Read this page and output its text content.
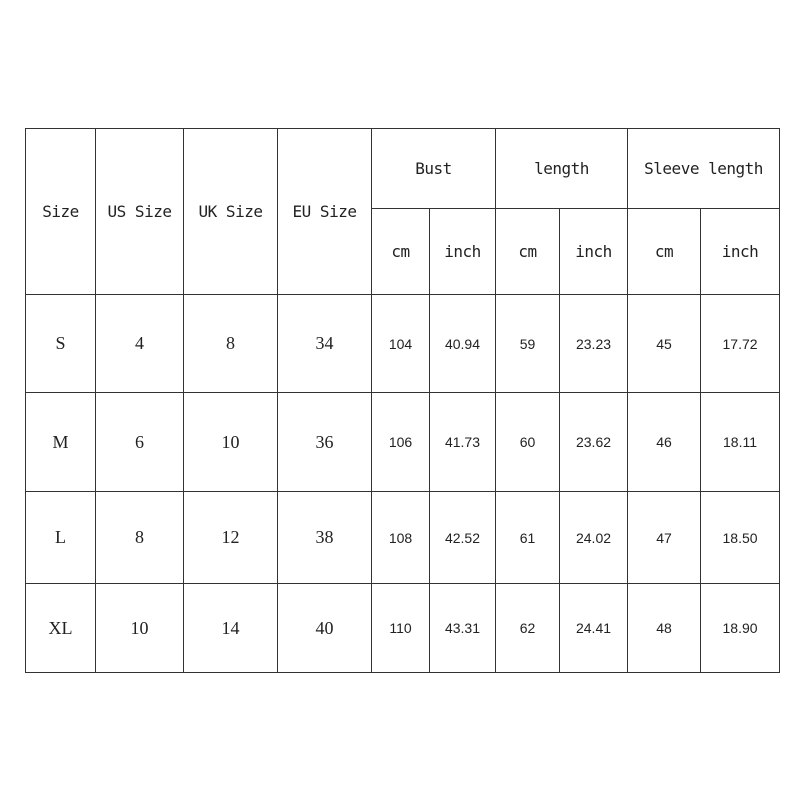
Size	US Size	UK Size	EU Size	Bust		length		Sleeve length	
				cm	inch	cm	inch	cm	inch
S	4	8	34	104	40.94	59	23.23	45	17.72
M	6	10	36	106	41.73	60	23.62	46	18.11
L	8	12	38	108	42.52	61	24.02	47	18.50
XL	10	14	40	110	43.31	62	24.41	48	18.90
